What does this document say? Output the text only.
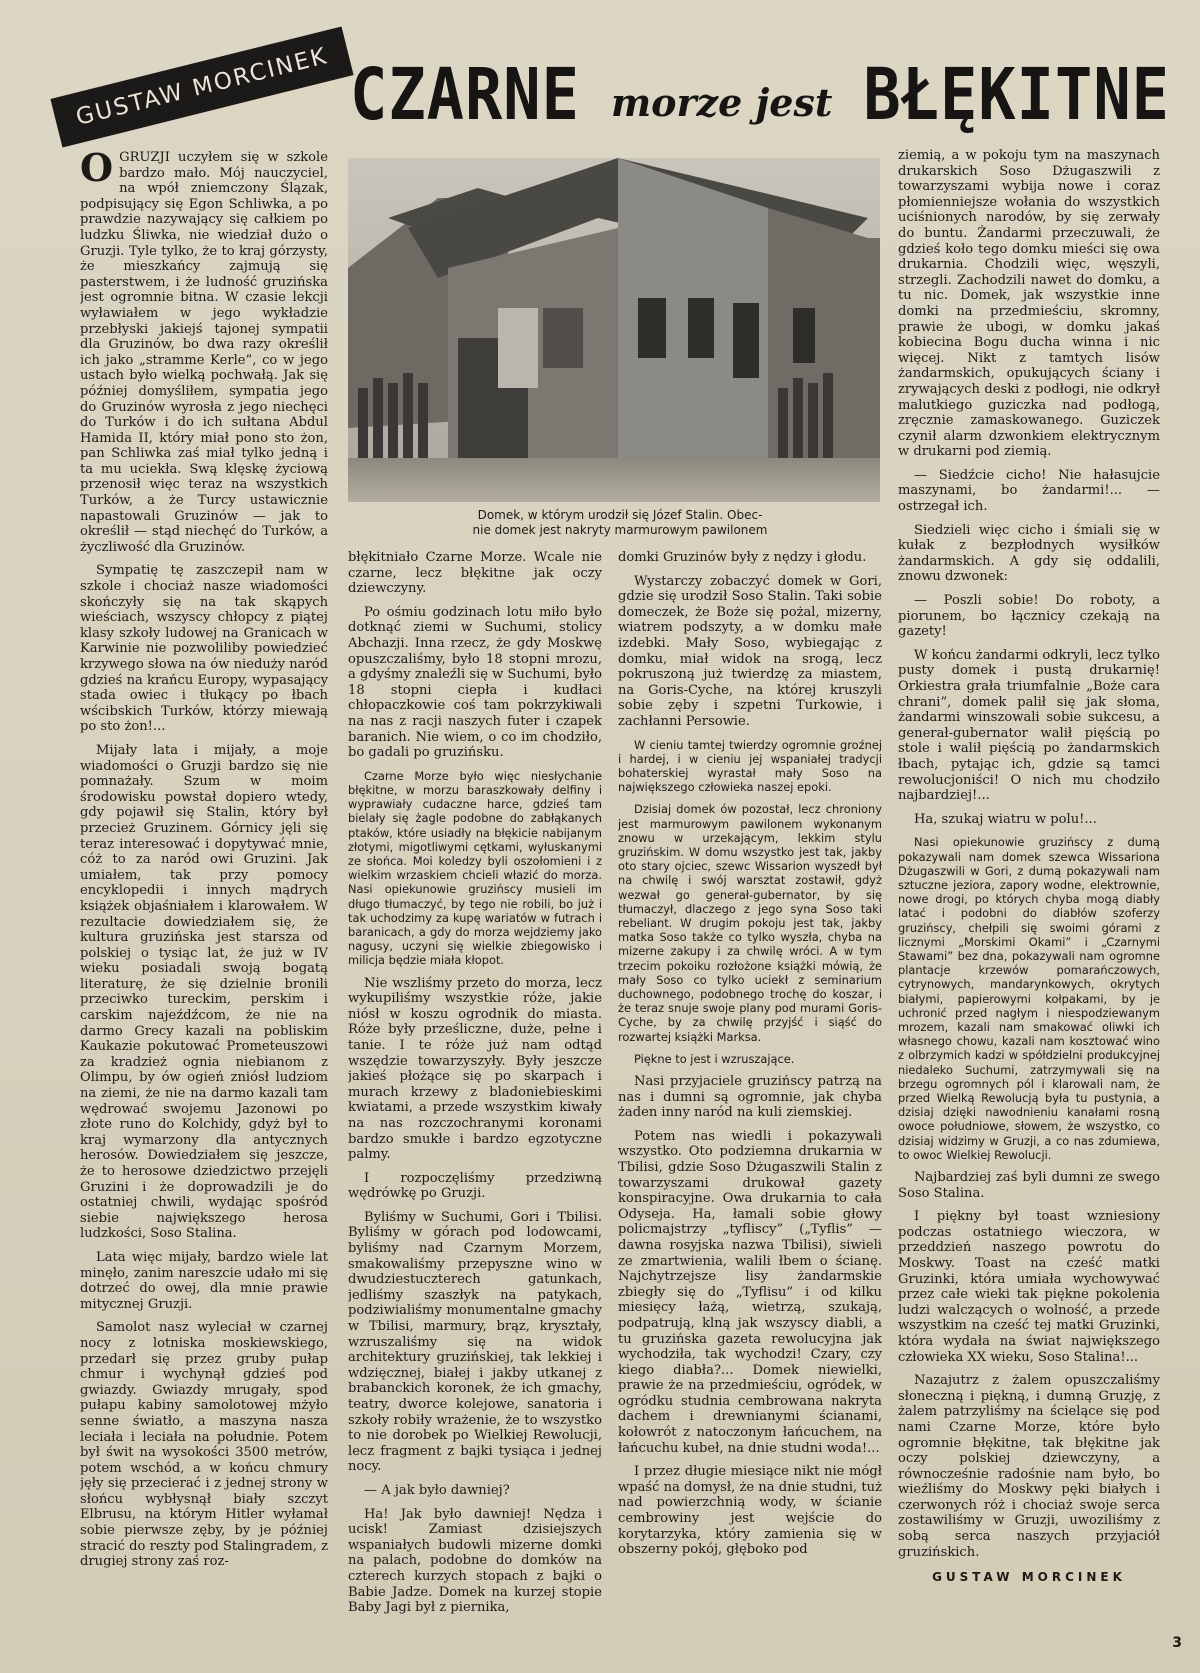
GUSTAW MORCINEK CZARNE morze jest BŁĘKITNE

OGRUZJI uczyłem się w szkole bardzo mało. Mój nauczyciel, na wpół zniemczony Ślązak, podpisujący się Egon Schliwka, a po prawdzie nazywający się całkiem po ludzku Śliwka, nie wiedział dużo o Gruzji. Tyle tylko, że to kraj górzysty, że mieszkańcy zajmują się pasterstwem, i że ludność gruzińska jest ogromnie bitna. W czasie lekcji wyławiałem w jego wykładzie przebłyski jakiejś tajonej sympatii dla Gruzinów, bo dwa razy określił ich jako „stramme Kerle”, co w jego ustach było wielką pochwałą. Jak się później domyśliłem, sympatia jego do Gruzinów wyrosła z jego niechęci do Turków i do ich sułtana Abdul Hamida II, który miał pono sto żon, pan Schliwka zaś miał tylko jedną i ta mu uciekła. Swą klęskę życiową przenosił więc teraz na wszystkich Turków, a że Turcy ustawicznie napastowali Gruzinów — jak to określił — stąd niechęć do Turków, a życzliwość dla Gruzinów.

Sympatię tę zaszczepił nam w szkole i chociaż nasze wiadomości skończyły się na tak skąpych wieściach, wszyscy chłopcy z piątej klasy szkoły ludowej na Granicach w Karwinie nie pozwoliliby powiedzieć krzywego słowa na ów nieduży naród gdzieś na krańcu Europy, wypasający stada owiec i tłukący po łbach wścibskich Turków, którzy miewają po sto żon!...

Mijały lata i mijały, a moje wiadomości o Gruzji bardzo się nie pomnażały. Szum w moim środowisku powstał dopiero wtedy, gdy pojawił się Stalin, który był przecież Gruzinem. Górnicy jęli się teraz interesować i dopytywać mnie, cóż to za naród owi Gruzini. Jak umiałem, tak przy pomocy encyklopedii i innych mądrych książek objaśniałem i klarowałem. W rezultacie dowiedziałem się, że kultura gruzińska jest starsza od polskiej o tysiąc lat, że już w IV wieku posiadali swoją bogatą literaturę, że się dzielnie bronili przeciwko tureckim, perskim i carskim najeźdźcom, że nie na darmo Grecy kazali na pobliskim Kaukazie pokutować Prometeuszowi za kradzież ognia niebianom z Olimpu, by ów ogień zniósł ludziom na ziemi, że nie na darmo kazali tam wędrować swojemu Jazonowi po złote runo do Kolchidy, gdyż był to kraj wymarzony dla antycznych herosów. Dowiedziałem się jeszcze, że to herosowe dziedzictwo przejęli Gruzini i że doprowadzili je do ostatniej chwili, wydając spośród siebie największego herosa ludzkości, Soso Stalina.

Lata więc mijały, bardzo wiele lat minęło, zanim nareszcie udało mi się dotrzeć do owej, dla mnie prawie mitycznej Gruzji.

Samolot nasz wyleciał w czarnej nocy z lotniska moskiewskiego, przedarł się przez gruby pułap chmur i wychynął gdzieś pod gwiazdy. Gwiazdy mrugały, spod pułapu kabiny samolotowej mżyło senne światło, a maszyna nasza leciała i leciała na południe. Potem był świt na wysokości 3500 metrów, potem wschód, a w końcu chmury jęły się przecierać i z jednej strony w słońcu wybłysnął biały szczyt Elbrusu, na którym Hitler wyłamał sobie pierwsze zęby, by je później stracić do reszty pod Stalingradem, z drugiej strony zaś roz-

Domek, w którym urodził się Józef Stalin. Obec-
nie domek jest nakryty marmurowym pawilonem

błękitniało Czarne Morze. Wcale nie czarne, lecz błękitne jak oczy dziewczyny.

Po ośmiu godzinach lotu miło było dotknąć ziemi w Suchumi, stolicy Abchazji. Inna rzecz, że gdy Moskwę opuszczaliśmy, było 18 stopni mrozu, a gdyśmy znaleźli się w Suchumi, było 18 stopni ciepła i kudłaci chłopaczkowie coś tam pokrzykiwali na nas z racji naszych futer i czapek baranich. Nie wiem, o co im chodziło, bo gadali po gruzińsku.

Czarne Morze było więc niesłychanie błękitne, w morzu baraszkowały delfiny i wyprawiały cudaczne harce, gdzieś tam bielały się żagle podobne do zabłąkanych ptaków, które usiadły na błękicie nabijanym złotymi, migotliwymi cętkami, wyłuskanymi ze słońca. Moi koledzy byli oszołomieni i z wielkim wrzaskiem chcieli włazić do morza. Nasi opiekunowie gruzińscy musieli im długo tłumaczyć, by tego nie robili, bo już i tak uchodzimy za kupę wariatów w futrach i baranicach, a gdy do morza wejdziemy jako nagusy, uczyni się wielkie zbiegowisko i milicja będzie miała kłopot.

Nie wszliśmy przeto do morza, lecz wykupiliśmy wszystkie róże, jakie niósł w koszu ogrodnik do miasta. Róże były prześliczne, duże, pełne i tanie. I te róże już nam odtąd wszędzie towarzyszyły. Były jeszcze jakieś płożące się po skarpach i murach krzewy z bladoniebieskimi kwiatami, a przede wszystkim kiwały na nas rozczochranymi koronami bardzo smukłe i bardzo egzotyczne palmy.

I rozpoczęliśmy przedziwną wędrówkę po Gruzji.

Byliśmy w Suchumi, Gori i Tbilisi. Byliśmy w górach pod lodowcami, byliśmy nad Czarnym Morzem, smakowaliśmy przepyszne wino w dwudziestuczterech gatunkach, jedliśmy szaszłyk na patykach, podziwialiśmy monumentalne gmachy w Tbilisi, marmury, brąz, kryształy, wzruszaliśmy się na widok architektury gruzińskiej, tak lekkiej i wdzięcznej, białej i jakby utkanej z brabanckich koronek, że ich gmachy, teatry, dworce kolejowe, sanatoria i szkoły robiły wrażenie, że to wszystko to nie dorobek po Wielkiej Rewolucji, lecz fragment z bajki tysiąca i jednej nocy.

— A jak było dawniej?

Ha! Jak było dawniej! Nędza i ucisk! Zamiast dzisiejszych wspaniałych budowli mizerne domki na palach, podobne do domków na czterech kurzych stopach z bajki o Babie Jadze. Domek na kurzej stopie Baby Jagi był z piernika,

domki Gruzinów były z nędzy i głodu.

Wystarczy zobaczyć domek w Gori, gdzie się urodził Soso Stalin. Taki sobie domeczek, że Boże się pożal, mizerny, wiatrem podszyty, a w domku małe izdebki. Mały Soso, wybiegając z domku, miał widok na srogą, lecz pokruszoną już twierdzę za miastem, na Goris-Cyche, na której kruszyli sobie zęby i szpetni Turkowie, i zachłanni Persowie.

W cieniu tamtej twierdzy ogromnie groźnej i hardej, i w cieniu jej wspaniałej tradycji bohaterskiej wyrastał mały Soso na największego człowieka naszej epoki.

Dzisiaj domek ów pozostał, lecz chroniony jest marmurowym pawilonem wykonanym znowu w urzekającym, lekkim stylu gruzińskim. W domu wszystko jest tak, jakby oto stary ojciec, szewc Wissarion wyszedł był na chwilę i swój warsztat zostawił, gdyż wezwał go generał-gubernator, by się tłumaczył, dlaczego z jego syna Soso taki rebeliant. W drugim pokoju jest tak, jakby matka Soso także co tylko wyszła, chyba na mizerne zakupy i za chwilę wróci. A w tym trzecim pokoiku rozłożone książki mówią, że mały Soso co tylko uciekł z seminarium duchownego, podobnego trochę do koszar, i że teraz snuje swoje plany pod murami Goris-Cyche, by za chwilę przyjść i siąść do rozwartej książki Marksa.

Piękne to jest i wzruszające.

Nasi przyjaciele gruzińscy patrzą na nas i dumni są ogromnie, jak chyba żaden inny naród na kuli ziemskiej.

Potem nas wiedli i pokazywali wszystko. Oto podziemna drukarnia w Tbilisi, gdzie Soso Dżugaszwili Stalin z towarzyszami drukował gazety konspiracyjne. Owa drukarnia to cała Odyseja. Ha, łamali sobie głowy policmajstrzy „tyfliscy” („Tyflis” — dawna rosyjska nazwa Tbilisi), siwieli ze zmartwienia, walili łbem o ścianę. Najchytrzejsze lisy żandarmskie zbiegły się do „Tyflisu” i od kilku miesięcy łażą, wietrzą, szukają, podpatrują, klną jak wszyscy diabli, a tu gruzińska gazeta rewolucyjna jak wychodziła, tak wychodzi! Czary, czy kiego diabła?... Domek niewielki, prawie że na przedmieściu, ogródek, w ogródku studnia cembrowana nakryta dachem i drewnianymi ścianami, kołowrót z natoczonym łańcuchem, na łańcuchu kubeł, na dnie studni woda!...

I przez długie miesiące nikt nie mógł wpaść na domysł, że na dnie studni, tuż nad powierzchnią wody, w ścianie cembrowiny jest wejście do korytarzyka, który zamienia się w obszerny pokój, głęboko pod

ziemią, a w pokoju tym na maszynach drukarskich Soso Dżugaszwili z towarzyszami wybija nowe i coraz płomienniejsze wołania do wszystkich uciśnionych narodów, by się zerwały do buntu. Żandarmi przeczuwali, że gdzieś koło tego domku mieści się owa drukarnia. Chodzili więc, węszyli, strzegli. Zachodzili nawet do domku, a tu nic. Domek, jak wszystkie inne domki na przedmieściu, skromny, prawie że ubogi, w domku jakaś kobiecina Bogu ducha winna i nic więcej. Nikt z tamtych lisów żandarmskich, opukujących ściany i zrywających deski z podłogi, nie odkrył malutkiego guziczka nad podłogą, zręcznie zamaskowanego. Guziczek czynił alarm dzwonkiem elektrycznym w drukarni pod ziemią.

— Siedźcie cicho! Nie hałasujcie maszynami, bo żandarmi!... — ostrzegał ich.

Siedzieli więc cicho i śmiali się w kułak z bezpłodnych wysiłków żandarmskich. A gdy się oddalili, znowu dzwonek:

— Poszli sobie! Do roboty, a piorunem, bo łącznicy czekają na gazety!

W końcu żandarmi odkryli, lecz tylko pusty domek i pustą drukarnię! Orkiestra grała triumfalnie „Boże cara chrani”, domek palił się jak słoma, żandarmi winszowali sobie sukcesu, a generał-gubernator walił pięścią po stole i walił pięścią po żandarmskich łbach, pytając ich, gdzie są tamci rewolucjoniści! O nich mu chodziło najbardziej!...

Ha, szukaj wiatru w polu!...

Nasi opiekunowie gruzińscy z dumą pokazywali nam domek szewca Wissariona Dżugaszwili w Gori, z dumą pokazywali nam sztuczne jeziora, zapory wodne, elektrownie, nowe drogi, po których chyba mogą diabły latać i podobni do diabłów szoferzy gruzińscy, chełpili się swoimi górami z licznymi „Morskimi Okami” i „Czarnymi Stawami” bez dna, pokazywali nam ogromne plantacje krzewów pomarańczowych, cytrynowych, mandarynkowych, okrytych białymi, papierowymi kołpakami, by je uchronić przed nagłym i niespodziewanym mrozem, kazali nam smakować oliwki ich własnego chowu, kazali nam kosztować wino z olbrzymich kadzi w spółdzielni produkcyjnej niedaleko Suchumi, zatrzymywali się na brzegu ogromnych pól i klarowali nam, że przed Wielką Rewolucją była tu pustynia, a dzisiaj dzięki nawodnieniu kanałami rosną owoce południowe, słowem, że wszystko, co dzisiaj widzimy w Gruzji, a co nas zdumiewa, to owoc Wielkiej Rewolucji.

Najbardziej zaś byli dumni ze swego Soso Stalina.

I piękny był toast wzniesiony podczas ostatniego wieczora, w przeddzień naszego powrotu do Moskwy. Toast na cześć matki Gruzinki, która umiała wychowywać przez całe wieki tak piękne pokolenia ludzi walczących o wolność, a przede wszystkim na cześć tej matki Gruzinki, która wydała na świat największego człowieka XX wieku, Soso Stalina!...

Nazajutrz z żalem opuszczaliśmy słoneczną i piękną, i dumną Gruzję, z żalem patrzyliśmy na ścielące się pod nami Czarne Morze, które było ogromnie błękitne, tak błękitne jak oczy polskiej dziewczyny, a równocześnie radośnie nam było, bo wieźliśmy do Moskwy pęki białych i czerwonych róż i chociaż swoje serca zostawiliśmy w Gruzji, uwoziliśmy z sobą serca naszych przyjaciół gruzińskich.

GUSTAW MORCINEK
3
